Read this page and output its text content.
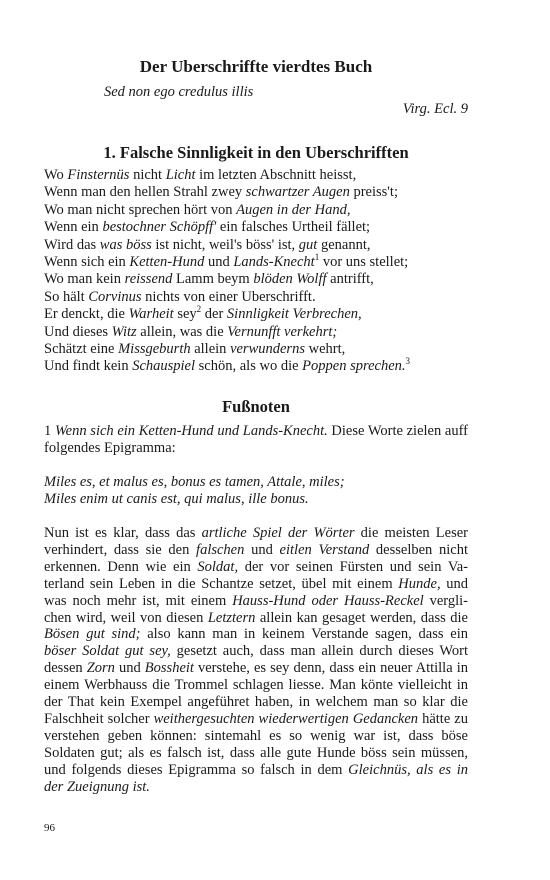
Der Uberschriffte vierdtes Buch
Sed non ego credulus illis
Virg. Ecl. 9
1. Falsche Sinnligkeit in den Uberschrifften
Wo Finsternüs nicht Licht im letzten Abschnitt heisst,
Wenn man den hellen Strahl zwey schwartzer Augen preiss't;
Wo man nicht sprechen hört von Augen in der Hand,
Wenn ein bestochner Schöpff' ein falsches Urtheil fället;
Wird das was böss ist nicht, weil's böss' ist, gut genannt,
Wenn sich ein Ketten-Hund und Lands-Knecht$^1$ vor uns stellet;
Wo man kein reissend Lamm beym blöden Wolff antrifft,
So hält Corvinus nichts von einer Uberschrifft.
Er denckt, die Warheit sey$^2$ der Sinnligkeit Verbrechen,
Und dieses Witz allein, was die Vernunfft verkehrt;
Schätzt eine Missgeburth allein verwunderns wehrt,
Und findt kein Schauspiel schön, als wo die Poppen sprechen.$^3$
Fußnoten
1 Wenn sich ein Ketten-Hund und Lands-Knecht. Diese Worte zielen auff folgendes Epigramma:
Miles es, et malus es, bonus es tamen, Attale, miles;
Miles enim ut canis est, qui malus, ille bonus.
Nun ist es klar, dass das artliche Spiel der Wörter die meisten Leser verhindert, dass sie den falschen und eitlen Verstand desselben nicht erkennen. Denn wie ein Soldat, der vor seinen Fürsten und sein Vaterland sein Leben in die Schantze setzet, übel mit einem Hunde, und was noch mehr ist, mit einem Hauss-Hund oder Hauss-Reckel verglichen wird, weil von diesen Letztern allein kan gesaget werden, dass die Bösen gut sind; also kann man in keinem Verstande sagen, dass ein böser Soldat gut sey, gesetzt auch, dass man allein durch dieses Wort dessen Zorn und Bossheit verstehe, es sey denn, dass ein neuer Attilla in einem Werbhauss die Trommel schlagen liesse. Man könte vielleicht in der That kein Exempel angeführet haben, in welchem man so klar die Falschheit solcher weithergesuchten wiederwertigen Gedancken hätte zu verstehen geben können: sintemahl es so wenig war ist, dass böse Soldaten gut; als es falsch ist, dass alle gute Hunde böss sein müssen, und folgends dieses Epigramma so falsch in dem Gleichnüs, als es in der Zueignung ist.
96
